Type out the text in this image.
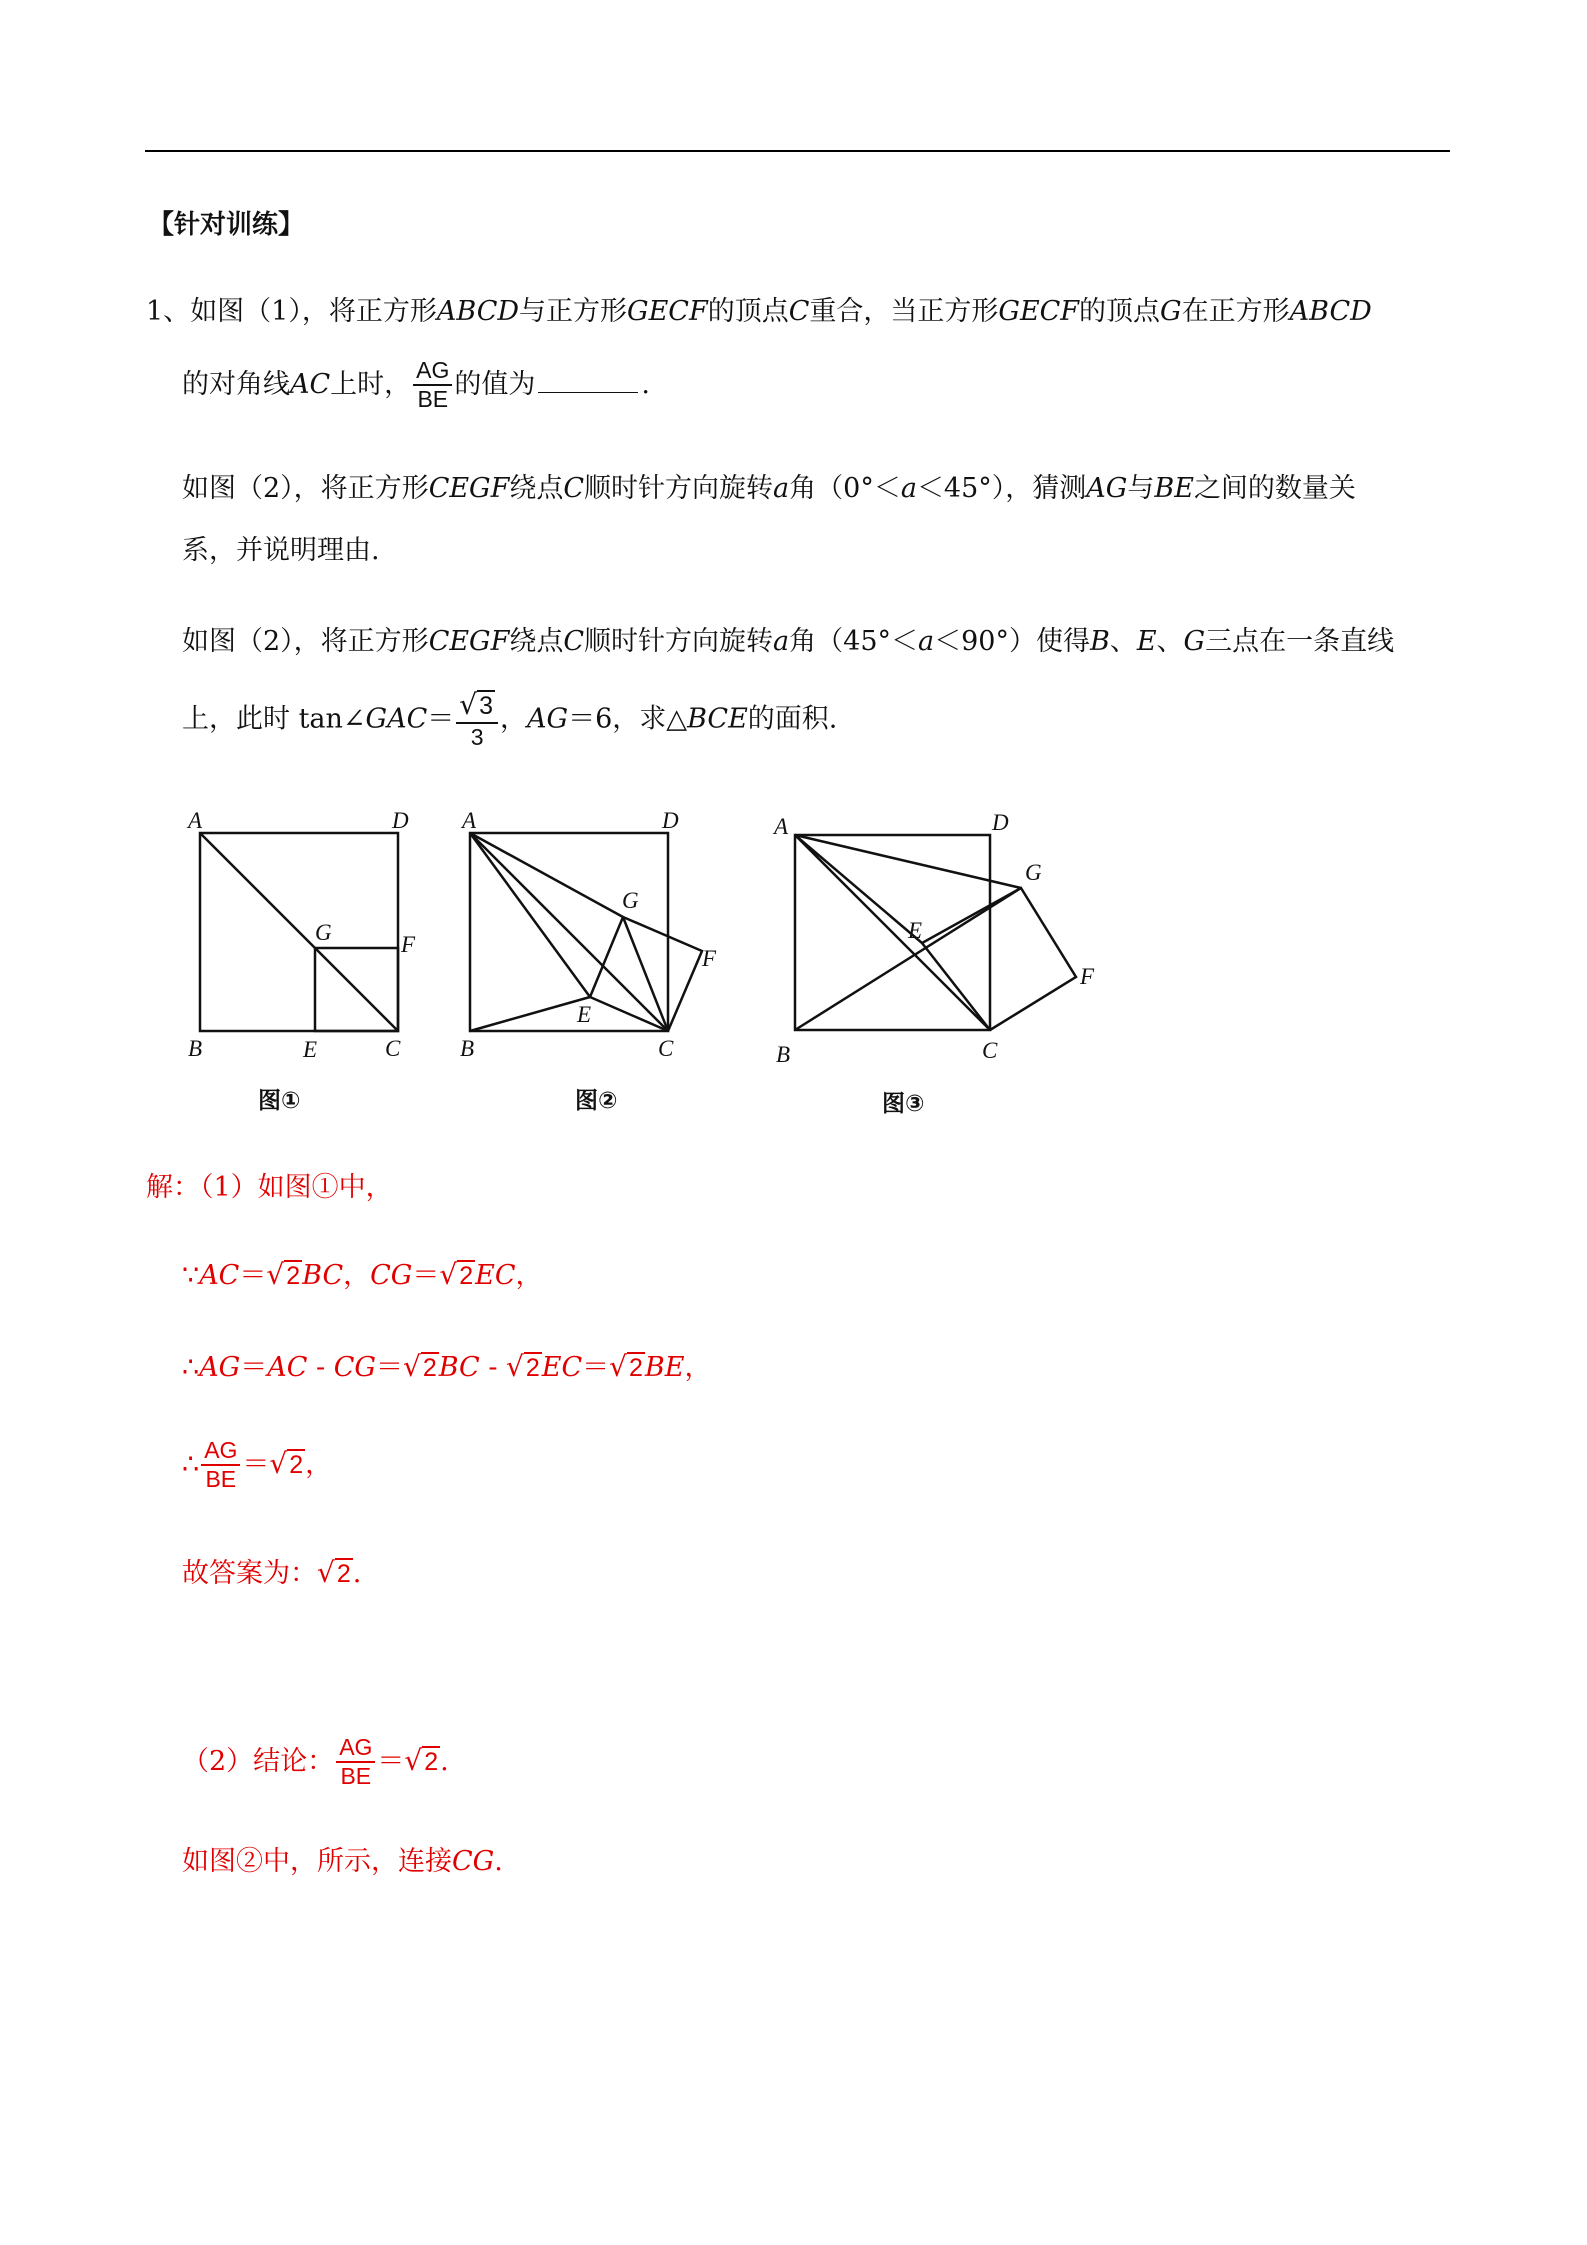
【针对训练】
1、如图（1），将正方形ABCD与正方形GECF的顶点C重合，当正方形GECF的顶点G在正方形ABCD
的对角线AC上时， $\frac{AG}{BE}$ 的值为	.
如图（2），将正方形CEGF绕点C顺时针方向旋转a角（0°＜a＜45°），猜测AG与BE之间的数量关
系，并说明理由.
如图（2），将正方形CEGF绕点C顺时针方向旋转a角（45°＜a＜90°）使得B、E、G三点在一条直线
上，此时 tan∠GAC＝ $\frac{√3}{3}$ ，AG＝6，求△BCE的面积.
A	D
B	C
G	F
E
A	D
B	C
G
F
E
A	D
B	C
G
F
E
图①	图②	图③
解：（1）如图①中，
∵AC＝√2BC，CG＝√2EC，
∴AG＝AC - CG＝√2BC - √2EC＝√2BE，
∴ $\frac{AG}{BE} =√2$，
故答案为：√2.
（2）结论： $\frac{AG}{BE} =√2$.
如图②中，所示，连接CG.
